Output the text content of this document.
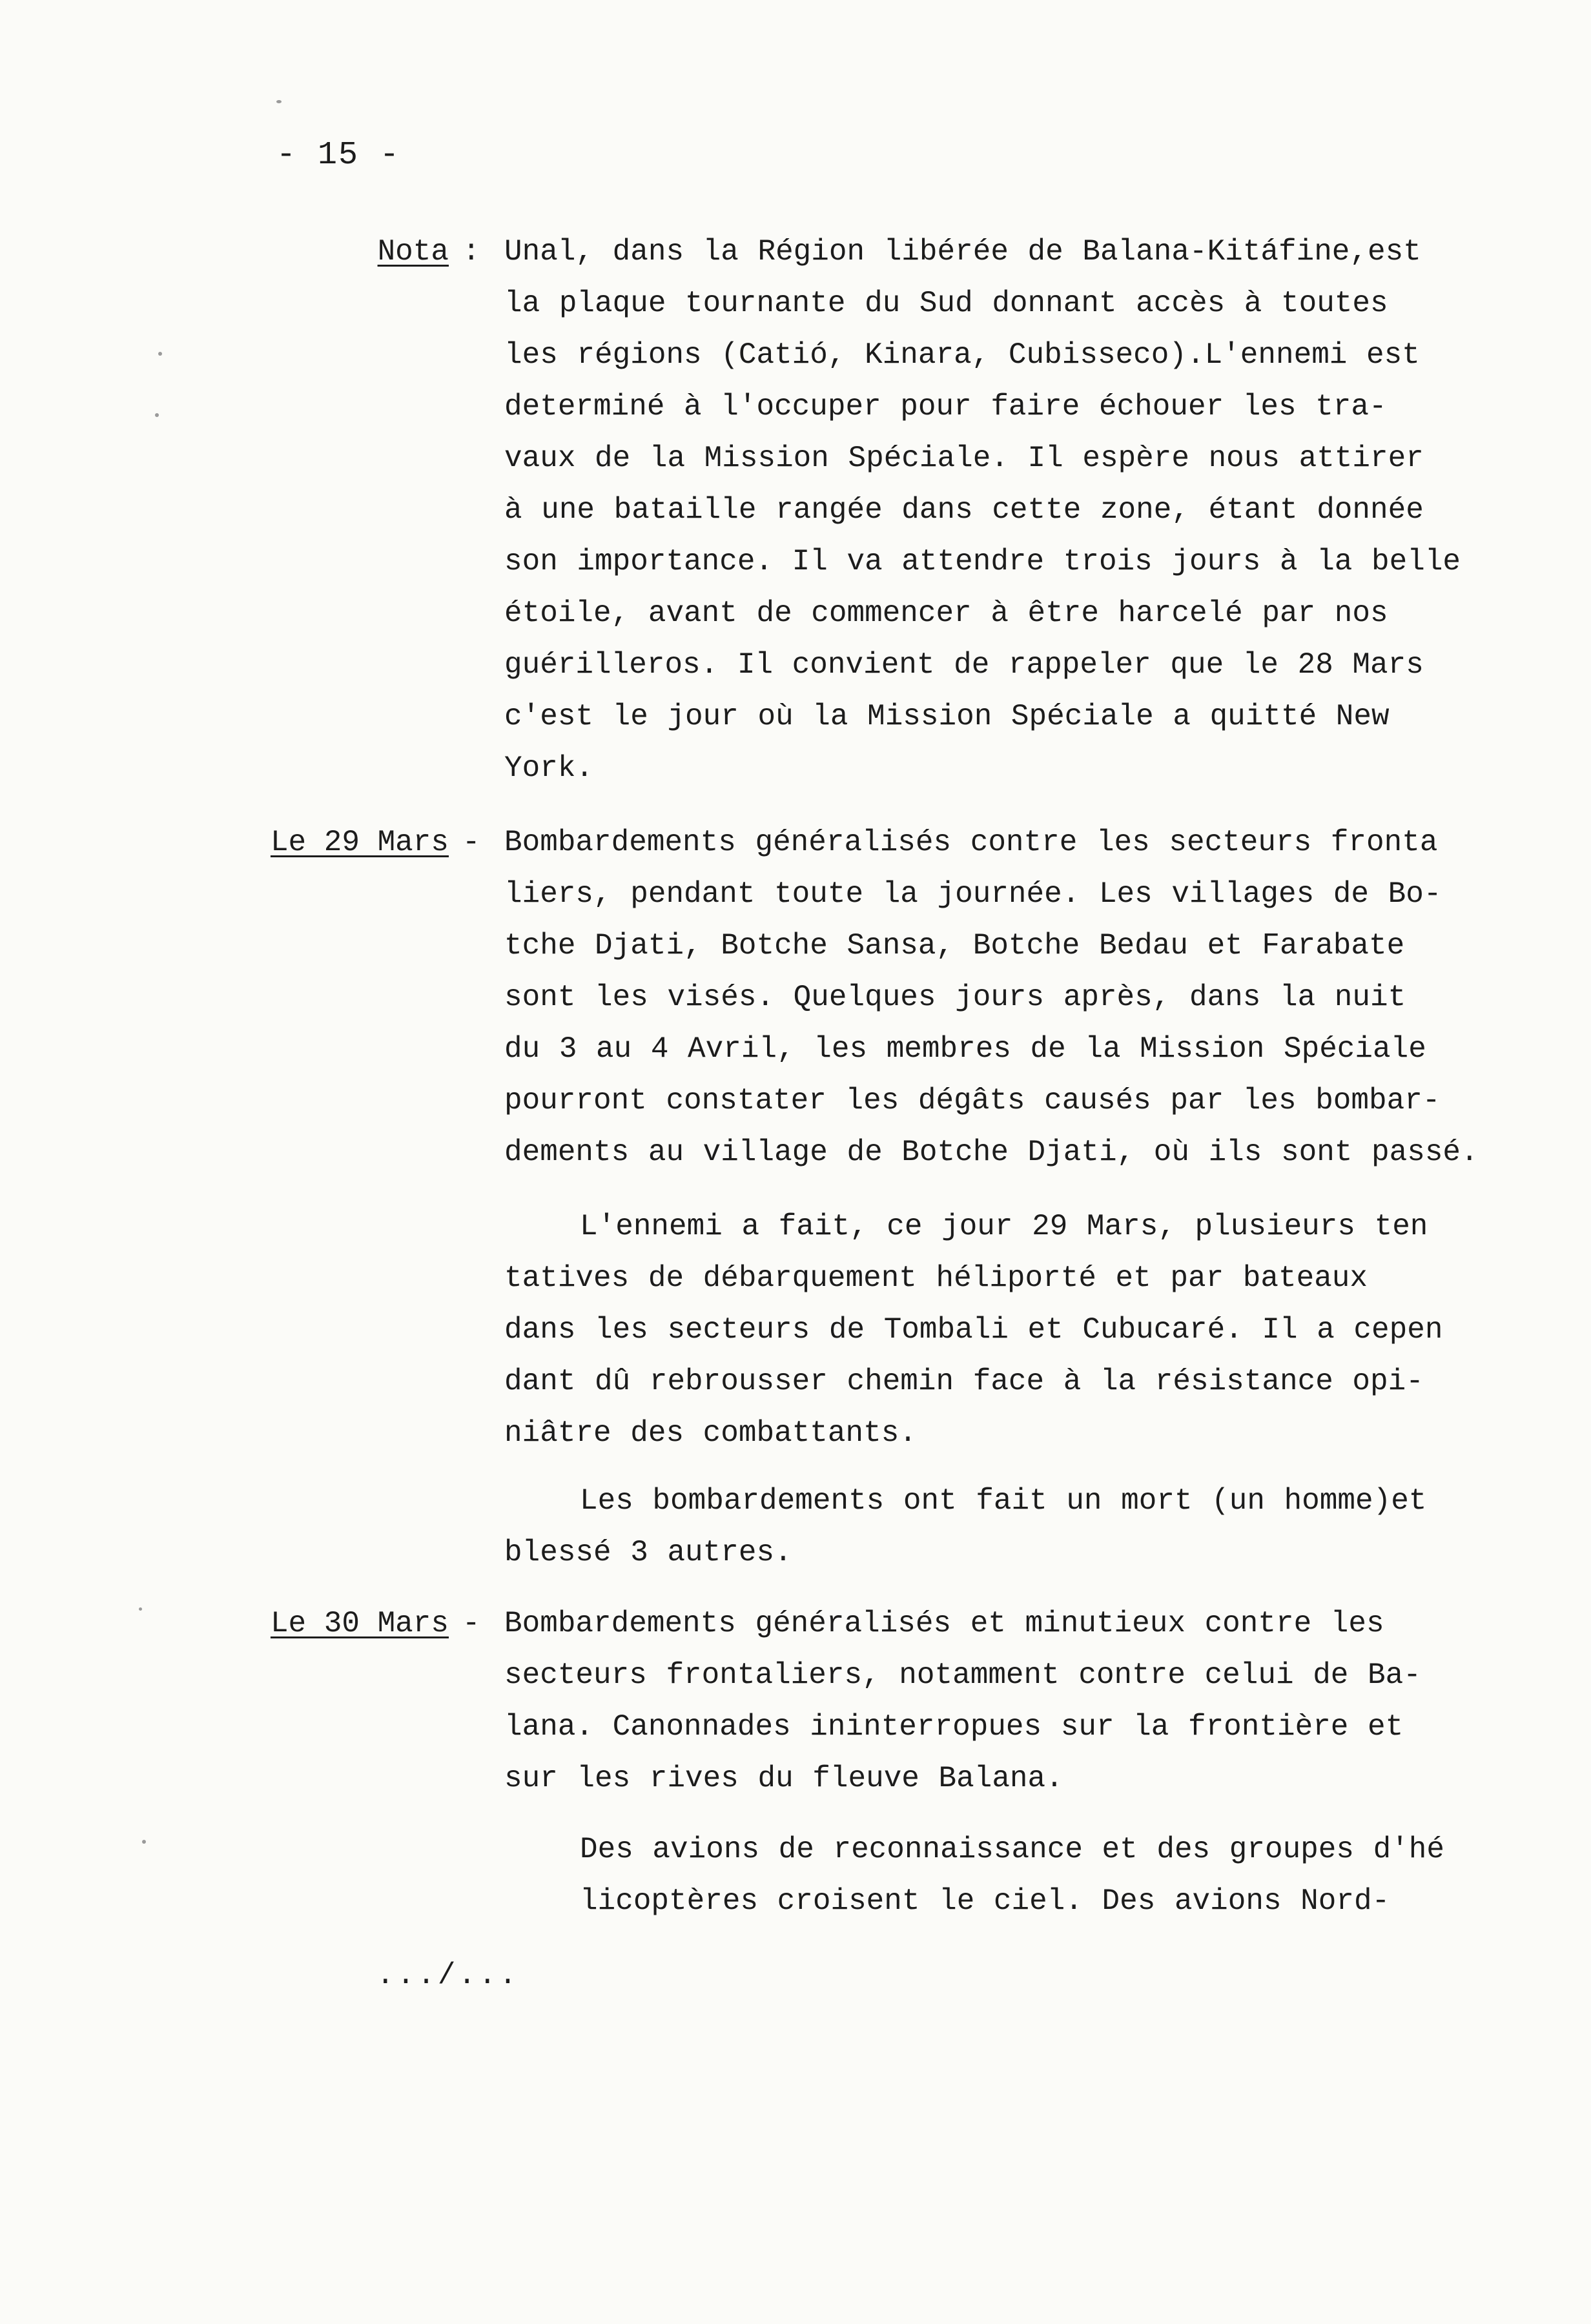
- 15 -
Nota : Unal, dans la Région libérée de Balana-Kitáfine,est
la plaque tournante du Sud donnant accès à toutes
les régions (Catió, Kinara, Cubisseco).L'ennemi est
determiné à l'occuper pour faire échouer les tra-
vaux de la Mission Spéciale. Il espère nous attirer
à une bataille rangée dans cette zone, étant donnée
son importance. Il va attendre trois jours à la belle
étoile, avant de commencer à être harcelé par nos
guérilleros. Il convient de rappeler que le 28 Mars
c'est le jour où la Mission Spéciale a quitté New
York.
Le 29 Mars - Bombardements généralisés contre les secteurs fronta
liers, pendant toute la journée. Les villages de Bo-
tche Djati, Botche Sansa, Botche Bedau et Farabate
sont les visés. Quelques jours après, dans la nuit
du 3 au 4 Avril, les membres de la Mission Spéciale
pourront constater les dégâts causés par les bombar-
dements au village de Botche Djati, où ils sont passé.
L'ennemi a fait, ce jour 29 Mars, plusieurs ten
tatives de débarquement héliporté et par bateaux
dans les secteurs de Tombali et Cubucaré. Il a cepen
dant dû rebrousser chemin face à la résistance opi-
niâtre des combattants.
Les bombardements ont fait un mort (un homme)et
blessé 3 autres.
Le 30 Mars - Bombardements généralisés et minutieux contre les
secteurs frontaliers, notamment contre celui de Ba-
lana. Canonnades ininterropues sur la frontière et
sur les rives du fleuve Balana.
Des avions de reconnaissance et des groupes d'hé
licoptères croisent le ciel. Des avions Nord-
.../...
